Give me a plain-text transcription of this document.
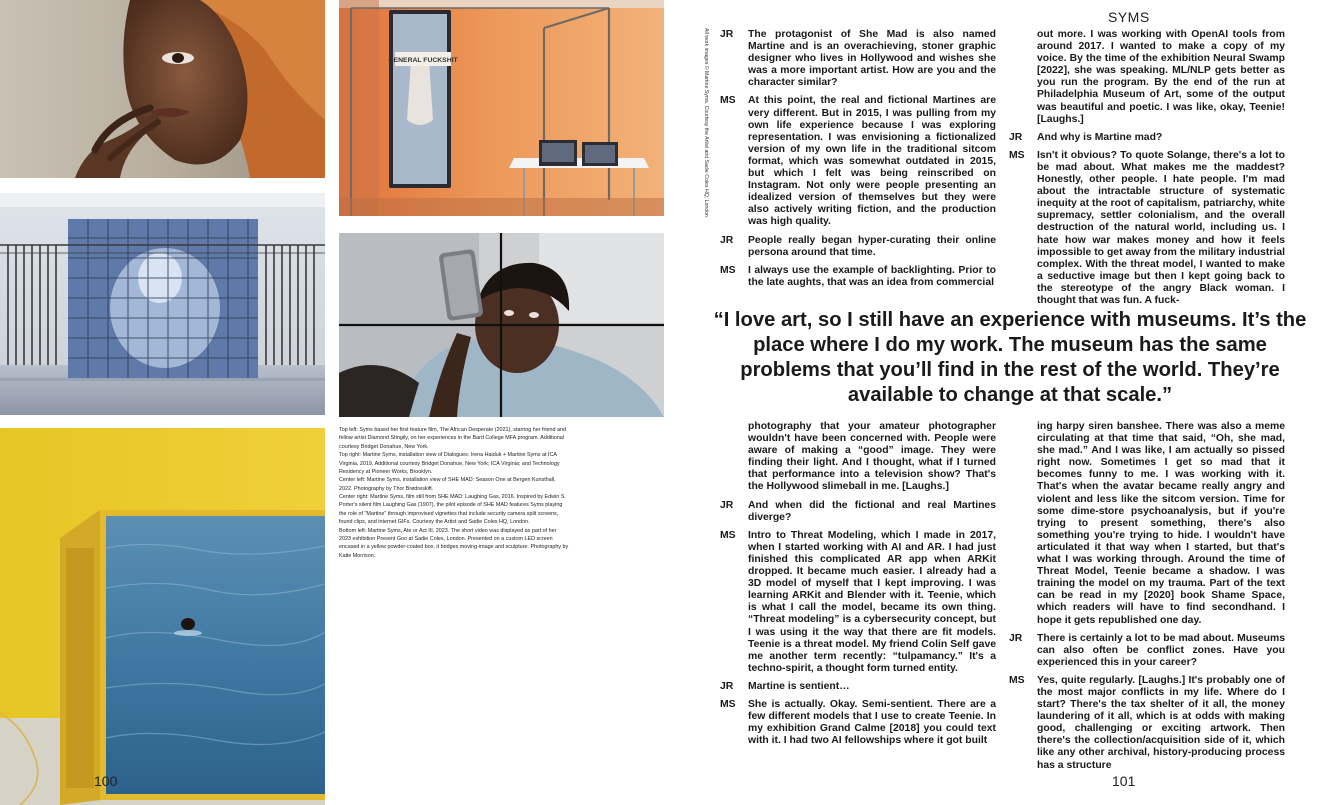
GENERAL FUCKSHIT

Top left: Syms based her first feature film, The African Desperate (2021), starring her friend and fellow artist Diamond Stingily, on her experiences in the Bard College MFA program. Additional courtesy Bridget Donahue, New York.

Top right: Martine Syms, installation view of Dialogues: Irena Haiduk + Martine Syms at ICA Virginia, 2019. Additional courtesy Bridget Donahue, New York; ICA Virginia; and Technology Residency at Pioneer Works, Brooklyn.

Center left: Martine Syms, installation view of SHE MAD: Season One at Bergen Kunsthall, 2022. Photography by Thor Brødreskift.

Center right: Martine Syms, film still from SHE MAD: Laughing Gas, 2016. Inspired by Edwin S. Porter's silent film Laughing Gas (1907), the pilot episode of SHE MAD features Syms playing the role of "Martine" through improvised vignettes that include security camera split screens, found clips, and internet GIFs. Courtesy the Artist and Sadie Coles HQ, London.

Bottom left: Martine Syms, Ate or Act III, 2023. The short video was displayed as part of her 2023 exhibition Present Goo at Sadie Coles, London. Presented on a custom LED screen encased in a yellow powder-coated box, it bridges moving-image and sculpture. Photography by Katie Morrison.

100
SYMS
All work images © Martine Syms. Courtesy the Artist and Sadie Coles HQ, London. JR	The protagonist of She Mad is also named Martine and is an overachieving, stoner graphic designer who lives in Hollywood and wishes she was a more important artist. How are you and the character similar?
MS	At this point, the real and fictional Martines are very different. But in 2015, I was pulling from my own life experience because I was exploring representation. I was envisioning a fictionalized version of my own life in the traditional sitcom format, which was somewhat outdated in 2015, but which I felt was being reinscribed on Instagram. Not only were people presenting an idealized version of themselves but they were also actively writing fiction, and the production was high quality.
JR	People really began hyper-curating their online persona around that time.
MS	I always use the example of backlighting. Prior to the late aughts, that was an idea from commercial
out more. I was working with OpenAI tools from around 2017. I wanted to make a copy of my voice. By the time of the exhibition Neural Swamp [2022], she was speaking. ML/NLP gets better as you run the program. By the end of the run at Philadelphia Museum of Art, some of the output was beautiful and poetic. I was like, okay, Teenie! [Laughs.]
JR	And why is Martine mad?
MS	Isn't it obvious? To quote Solange, there's a lot to be mad about. What makes me the maddest? Honestly, other people. I hate people. I'm mad about the intractable structure of systematic inequity at the root of capitalism, patriarchy, white supremacy, settler colonialism, and the overall destruction of the natural world, including us. I hate how war makes money and how it feels impossible to get away from the military industrial complex. With the threat model, I wanted to make a seductive image but then I kept going back to the stereotype of the angry Black woman. I thought that was fun. A fuck-
“I love art, so I still have an experience with museums. It’s the place where I do my work. The museum has the same problems that you’ll find in the rest of the world. They’re available to change at that scale.”
photography that your amateur photographer wouldn't have been concerned with. People were aware of making a “good” image. They were finding their light. And I thought, what if I turned that performance into a television show? That's the Hollywood slimeball in me. [Laughs.]
JR	And when did the fictional and real Martines diverge?
MS	Intro to Threat Modeling, which I made in 2017, when I started working with AI and AR. I had just finished this complicated AR app when ARKit dropped. It became much easier. I already had a 3D model of myself that I kept improving. I was learning ARKit and Blender with it. Teenie, which is what I call the model, became its own thing. “Threat modeling” is a cybersecurity concept, but I was using it the way that there are fit models. Teenie is a threat model. My friend Colin Self gave me another term recently: “tulpamancy.” It's a techno-spirit, a thought form turned entity.
JR	Martine is sentient…
MS	She is actually. Okay. Semi-sentient. There are a few different models that I use to create Teenie. In my exhibition Grand Calme [2018] you could text with it. I had two AI fellowships where it got built
ing harpy siren banshee. There was also a meme circulating at that time that said, “Oh, she mad, she mad.” And I was like, I am actually so pissed right now. Sometimes I get so mad that it becomes funny to me. I was working with it. That's when the avatar became really angry and violent and less like the sitcom version. Time for some dime-store psychoanalysis, but if you're trying to present something, there's also something you're trying to hide. I wouldn't have articulated it that way when I started, but that's what I was working through. Around the time of Threat Model, Teenie became a shadow. I was training the model on my trauma. Part of the text can be read in my [2020] book Shame Space, which readers will have to find secondhand. I hope it gets republished one day.
JR	There is certainly a lot to be mad about. Museums can also often be conflict zones. Have you experienced this in your career?
MS	Yes, quite regularly. [Laughs.] It's probably one of the most major conflicts in my life. Where do I start? There's the tax shelter of it all, the money laundering of it all, which is at odds with making good, challenging or exciting artwork. Then there's the collection/acquisition side of it, which like any other archival, history-producing process has a structure
101
